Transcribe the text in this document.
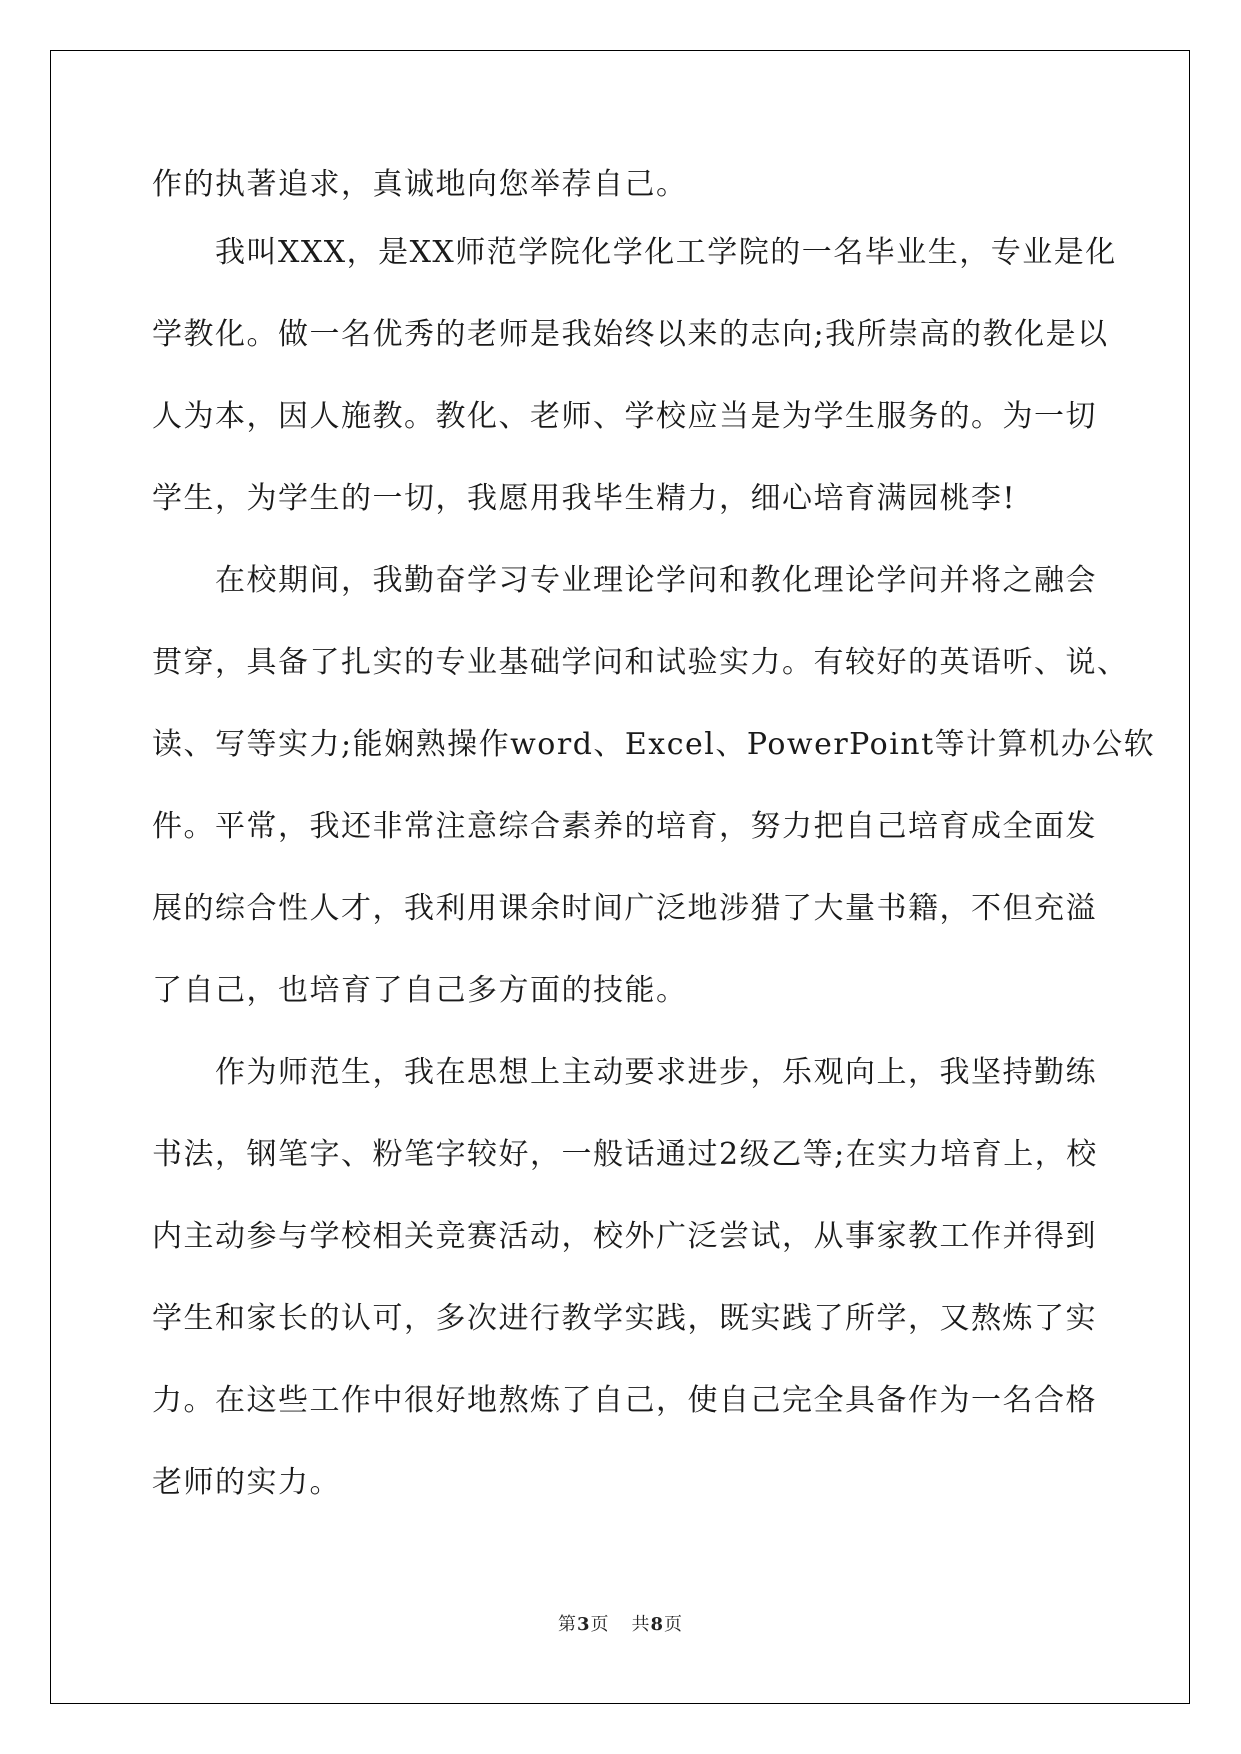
作的执著追求，真诚地向您举荐自己。
　　我叫XXX，是XX师范学院化学化工学院的一名毕业生，专业是化
学教化。做一名优秀的老师是我始终以来的志向;我所崇高的教化是以
人为本，因人施教。教化、老师、学校应当是为学生服务的。为一切
学生，为学生的一切，我愿用我毕生精力，细心培育满园桃李!
　　在校期间，我勤奋学习专业理论学问和教化理论学问并将之融会
贯穿，具备了扎实的专业基础学问和试验实力。有较好的英语听、说、
读、写等实力;能娴熟操作word、Excel、PowerPoint等计算机办公软
件。平常，我还非常注意综合素养的培育，努力把自己培育成全面发
展的综合性人才，我利用课余时间广泛地涉猎了大量书籍，不但充溢
了自己，也培育了自己多方面的技能。
　　作为师范生，我在思想上主动要求进步，乐观向上，我坚持勤练
书法，钢笔字、粉笔字较好，一般话通过2级乙等;在实力培育上，校
内主动参与学校相关竞赛活动，校外广泛尝试，从事家教工作并得到
学生和家长的认可，多次进行教学实践，既实践了所学，又熬炼了实
力。在这些工作中很好地熬炼了自己，使自己完全具备作为一名合格
老师的实力。
第3页 共8页
